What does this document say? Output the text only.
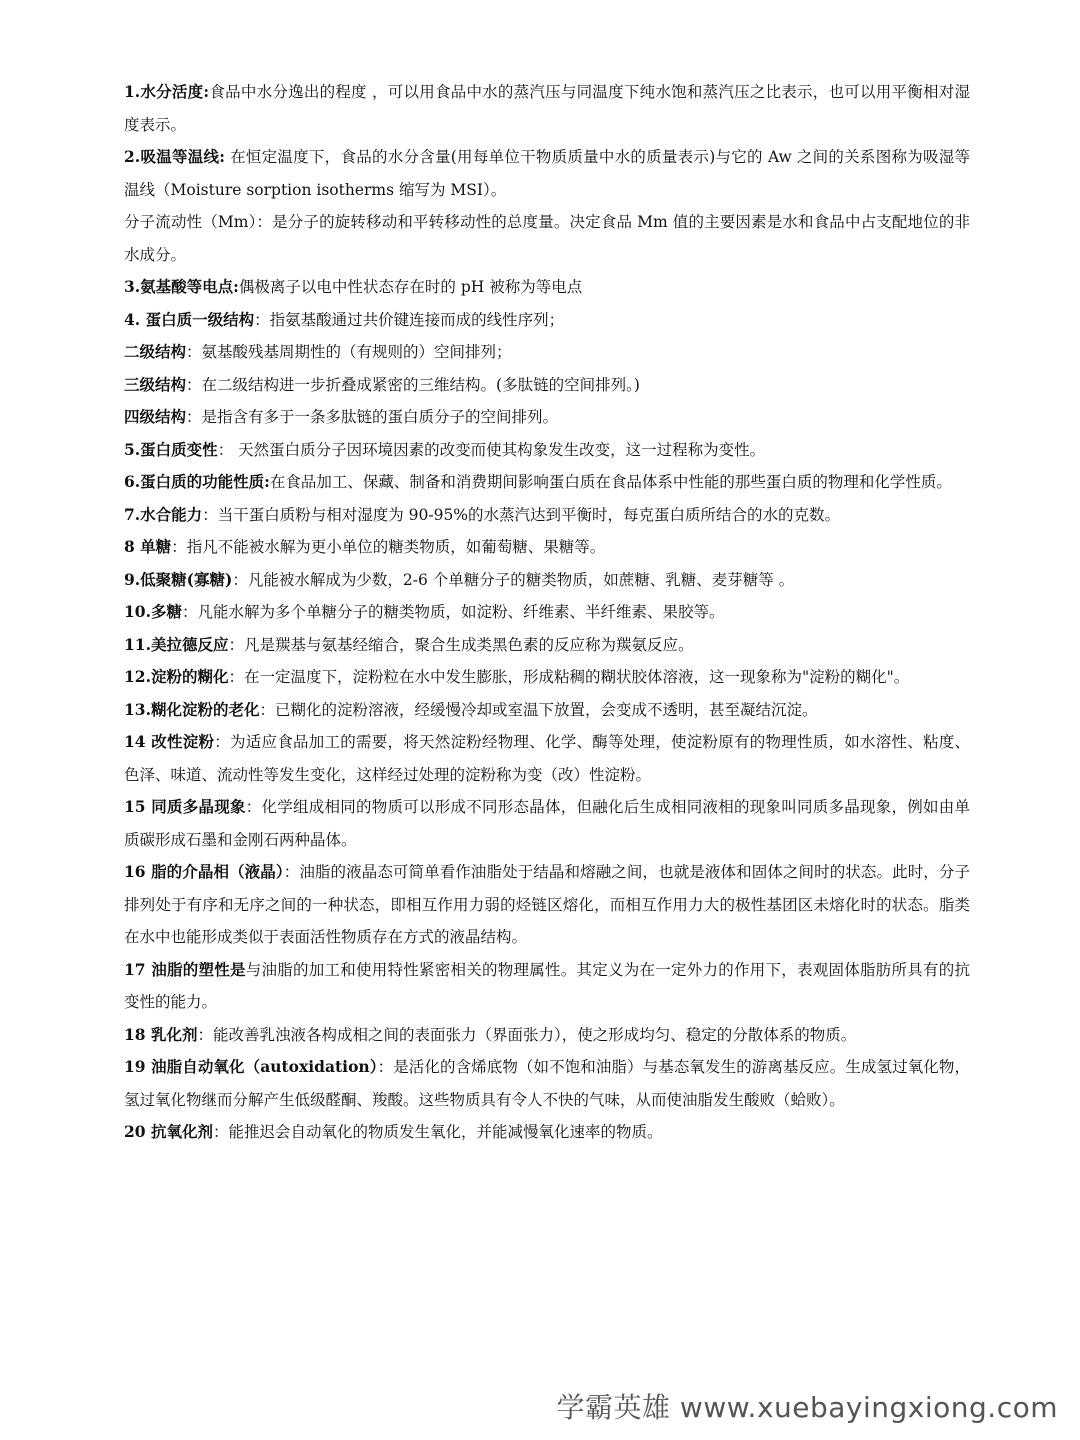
1.水分活度:食品中水分逸出的程度 ，可以用食品中水的蒸汽压与同温度下纯水饱和蒸汽压之比表示，也可以用平衡相对湿度表示。

2.吸温等温线: 在恒定温度下，食品的水分含量(用每单位干物质质量中水的质量表示)与它的 Aw 之间的关系图称为吸湿等温线（Moisture sorption isotherms 缩写为 MSI）。

分子流动性（Mm）：是分子的旋转移动和平转移动性的总度量。决定食品 Mm 值的主要因素是水和食品中占支配地位的非水成分。

3.氨基酸等电点:偶极离子以电中性状态存在时的 pH 被称为等电点

4. 蛋白质一级结构：指氨基酸通过共价键连接而成的线性序列；

二级结构：氨基酸残基周期性的（有规则的）空间排列；

三级结构：在二级结构进一步折叠成紧密的三维结构。(多肽链的空间排列。)

四级结构：是指含有多于一条多肽链的蛋白质分子的空间排列。

5.蛋白质变性： 天然蛋白质分子因环境因素的改变而使其构象发生改变，这一过程称为变性。

6.蛋白质的功能性质:在食品加工、保藏、制备和消费期间影响蛋白质在食品体系中性能的那些蛋白质的物理和化学性质。

7.水合能力：当干蛋白质粉与相对湿度为 90-95%的水蒸汽达到平衡时，每克蛋白质所结合的水的克数。

8 单糖：指凡不能被水解为更小单位的糖类物质，如葡萄糖、果糖等。

9.低聚糖(寡糖)：凡能被水解成为少数，2-6 个单糖分子的糖类物质，如蔗糖、乳糖、麦芽糖等 。

10.多糖：凡能水解为多个单糖分子的糖类物质，如淀粉、纤维素、半纤维素、果胶等。

11.美拉德反应：凡是羰基与氨基经缩合，聚合生成类黑色素的反应称为羰氨反应。

12.淀粉的糊化：在一定温度下，淀粉粒在水中发生膨胀，形成粘稠的糊状胶体溶液，这一现象称为"淀粉的糊化"。

13.糊化淀粉的老化：已糊化的淀粉溶液，经缓慢冷却或室温下放置，会变成不透明，甚至凝结沉淀。

14 改性淀粉：为适应食品加工的需要，将天然淀粉经物理、化学、酶等处理，使淀粉原有的物理性质，如水溶性、粘度、色泽、味道、流动性等发生变化，这样经过处理的淀粉称为变（改）性淀粉。

15 同质多晶现象：化学组成相同的物质可以形成不同形态晶体，但融化后生成相同液相的现象叫同质多晶现象，例如由单质碳形成石墨和金刚石两种晶体。

16 脂的介晶相（液晶）：油脂的液晶态可简单看作油脂处于结晶和熔融之间，也就是液体和固体之间时的状态。此时，分子排列处于有序和无序之间的一种状态，即相互作用力弱的烃链区熔化，而相互作用力大的极性基团区未熔化时的状态。脂类在水中也能形成类似于表面活性物质存在方式的液晶结构。

17 油脂的塑性是与油脂的加工和使用特性紧密相关的物理属性。其定义为在一定外力的作用下，表观固体脂肪所具有的抗变性的能力。

18 乳化剂：能改善乳浊液各构成相之间的表面张力（界面张力），使之形成均匀、稳定的分散体系的物质。

19 油脂自动氧化（autoxidation）：是活化的含烯底物（如不饱和油脂）与基态氧发生的游离基反应。生成氢过氧化物，氢过氧化物继而分解产生低级醛酮、羧酸。这些物质具有令人不快的气味，从而使油脂发生酸败（蛤败）。

20 抗氧化剂：能推迟会自动氧化的物质发生氧化，并能减慢氧化速率的物质。

学霸英雄 www.xuebayingxiong.com
